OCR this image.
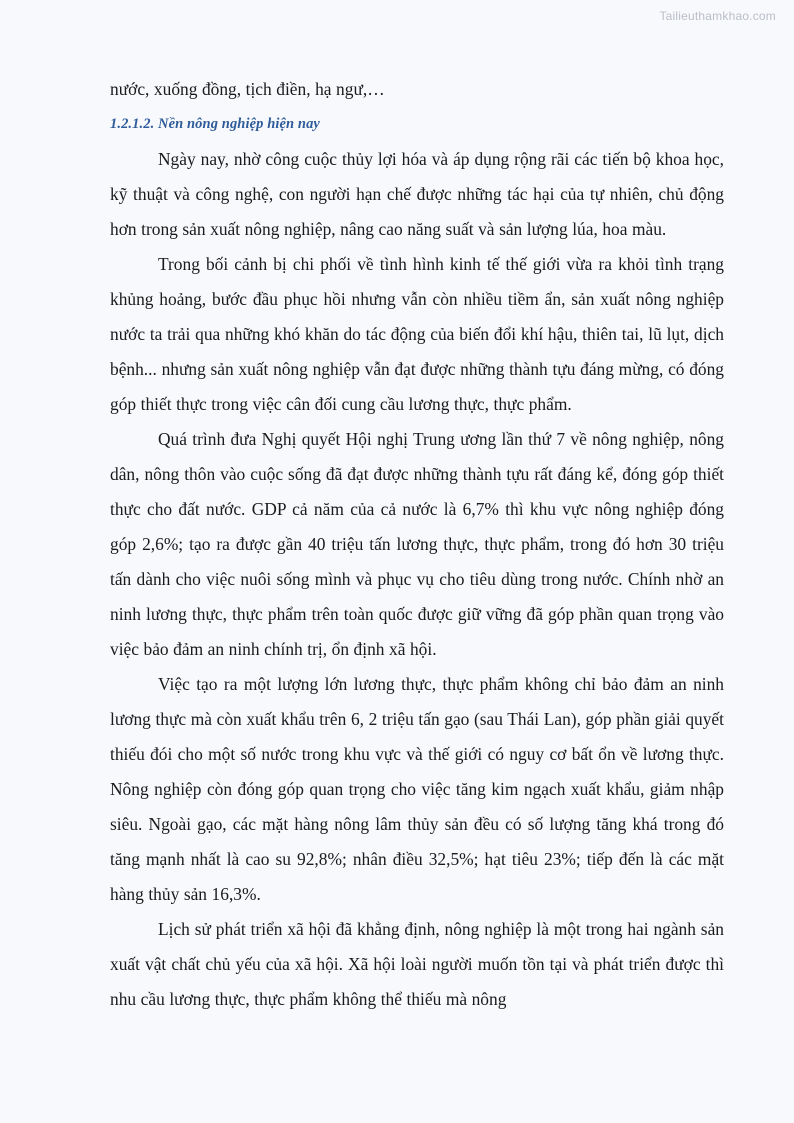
Tailieuthamkhao.com

nước, xuống đồng, tịch điền, hạ ngư,…

1.2.1.2. Nền nông nghiệp hiện nay

Ngày nay, nhờ công cuộc thủy lợi hóa và áp dụng rộng rãi các tiến bộ khoa học, kỹ thuật và công nghệ, con người hạn chế được những tác hại của tự nhiên, chủ động hơn trong sản xuất nông nghiệp, nâng cao năng suất và sản lượng lúa, hoa màu.

Trong bối cảnh bị chi phối về tình hình kinh tế thế giới vừa ra khỏi tình trạng khủng hoảng, bước đầu phục hồi nhưng vẫn còn nhiều tiềm ẩn, sản xuất nông nghiệp nước ta trải qua những khó khăn do tác động của biến đổi khí hậu, thiên tai, lũ lụt, dịch bệnh... nhưng sản xuất nông nghiệp vẫn đạt được những thành tựu đáng mừng, có đóng góp thiết thực trong việc cân đối cung cầu lương thực, thực phẩm.

Quá trình đưa Nghị quyết Hội nghị Trung ương lần thứ 7 về nông nghiệp, nông dân, nông thôn vào cuộc sống đã đạt được những thành tựu rất đáng kể, đóng góp thiết thực cho đất nước. GDP cả năm của cả nước là 6,7% thì khu vực nông nghiệp đóng góp 2,6%; tạo ra được gần 40 triệu tấn lương thực, thực phẩm, trong đó hơn 30 triệu tấn dành cho việc nuôi sống mình và phục vụ cho tiêu dùng trong nước. Chính nhờ an ninh lương thực, thực phẩm trên toàn quốc được giữ vững đã góp phần quan trọng vào việc bảo đảm an ninh chính trị, ổn định xã hội.

Việc tạo ra một lượng lớn lương thực, thực phẩm không chỉ bảo đảm an ninh lương thực mà còn xuất khẩu trên 6, 2 triệu tấn gạo (sau Thái Lan), góp phần giải quyết thiếu đói cho một số nước trong khu vực và thế giới có nguy cơ bất ổn về lương thực. Nông nghiệp còn đóng góp quan trọng cho việc tăng kim ngạch xuất khẩu, giảm nhập siêu. Ngoài gạo, các mặt hàng nông lâm thủy sản đều có số lượng tăng khá trong đó tăng mạnh nhất là cao su 92,8%; nhân điều 32,5%; hạt tiêu 23%; tiếp đến là các mặt hàng thủy sản 16,3%.

Lịch sử phát triển xã hội đã khẳng định, nông nghiệp là một trong hai ngành sản xuất vật chất chủ yếu của xã hội. Xã hội loài người muốn tồn tại và phát triển được thì nhu cầu lương thực, thực phẩm không thể thiếu mà nông
